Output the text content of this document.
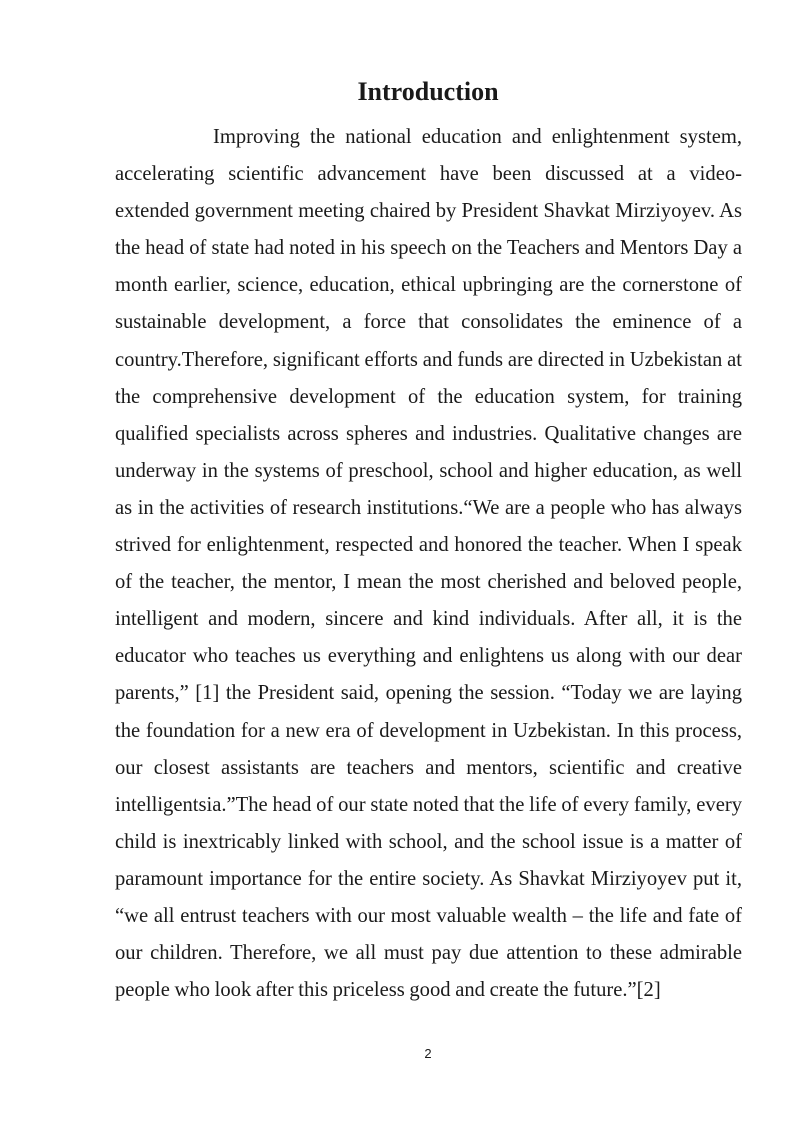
Introduction

Improving the national education and enlightenment system, accelerating scientific advancement have been discussed at a video-extended government meeting chaired by President Shavkat Mirziyoyev. As the head of state had noted in his speech on the Teachers and Mentors Day a month earlier, science, education, ethical upbringing are the cornerstone of sustainable development, a force that consolidates the eminence of a country.Therefore, significant efforts and funds are directed in Uzbekistan at the comprehensive development of the education system, for training qualified specialists across spheres and industries. Qualitative changes are underway in the systems of preschool, school and higher education, as well as in the activities of research institutions.“We are a people who has always strived for enlightenment, respected and honored the teacher. When I speak of the teacher, the mentor, I mean the most cherished and beloved people, intelligent and modern, sincere and kind individuals. After all, it is the educator who teaches us everything and enlightens us along with our dear parents,” [1] the President said, opening the session. “Today we are laying the foundation for a new era of development in Uzbekistan. In this process, our closest assistants are teachers and mentors, scientific and creative intelligentsia.”The head of our state noted that the life of every family, every child is inextricably linked with school, and the school issue is a matter of paramount importance for the entire society. As Shavkat Mirziyoyev put it, “we all entrust teachers with our most valuable wealth – the life and fate of our children. Therefore, we all must pay due attention to these admirable people who look after this priceless good and create the future.”[2]

2
